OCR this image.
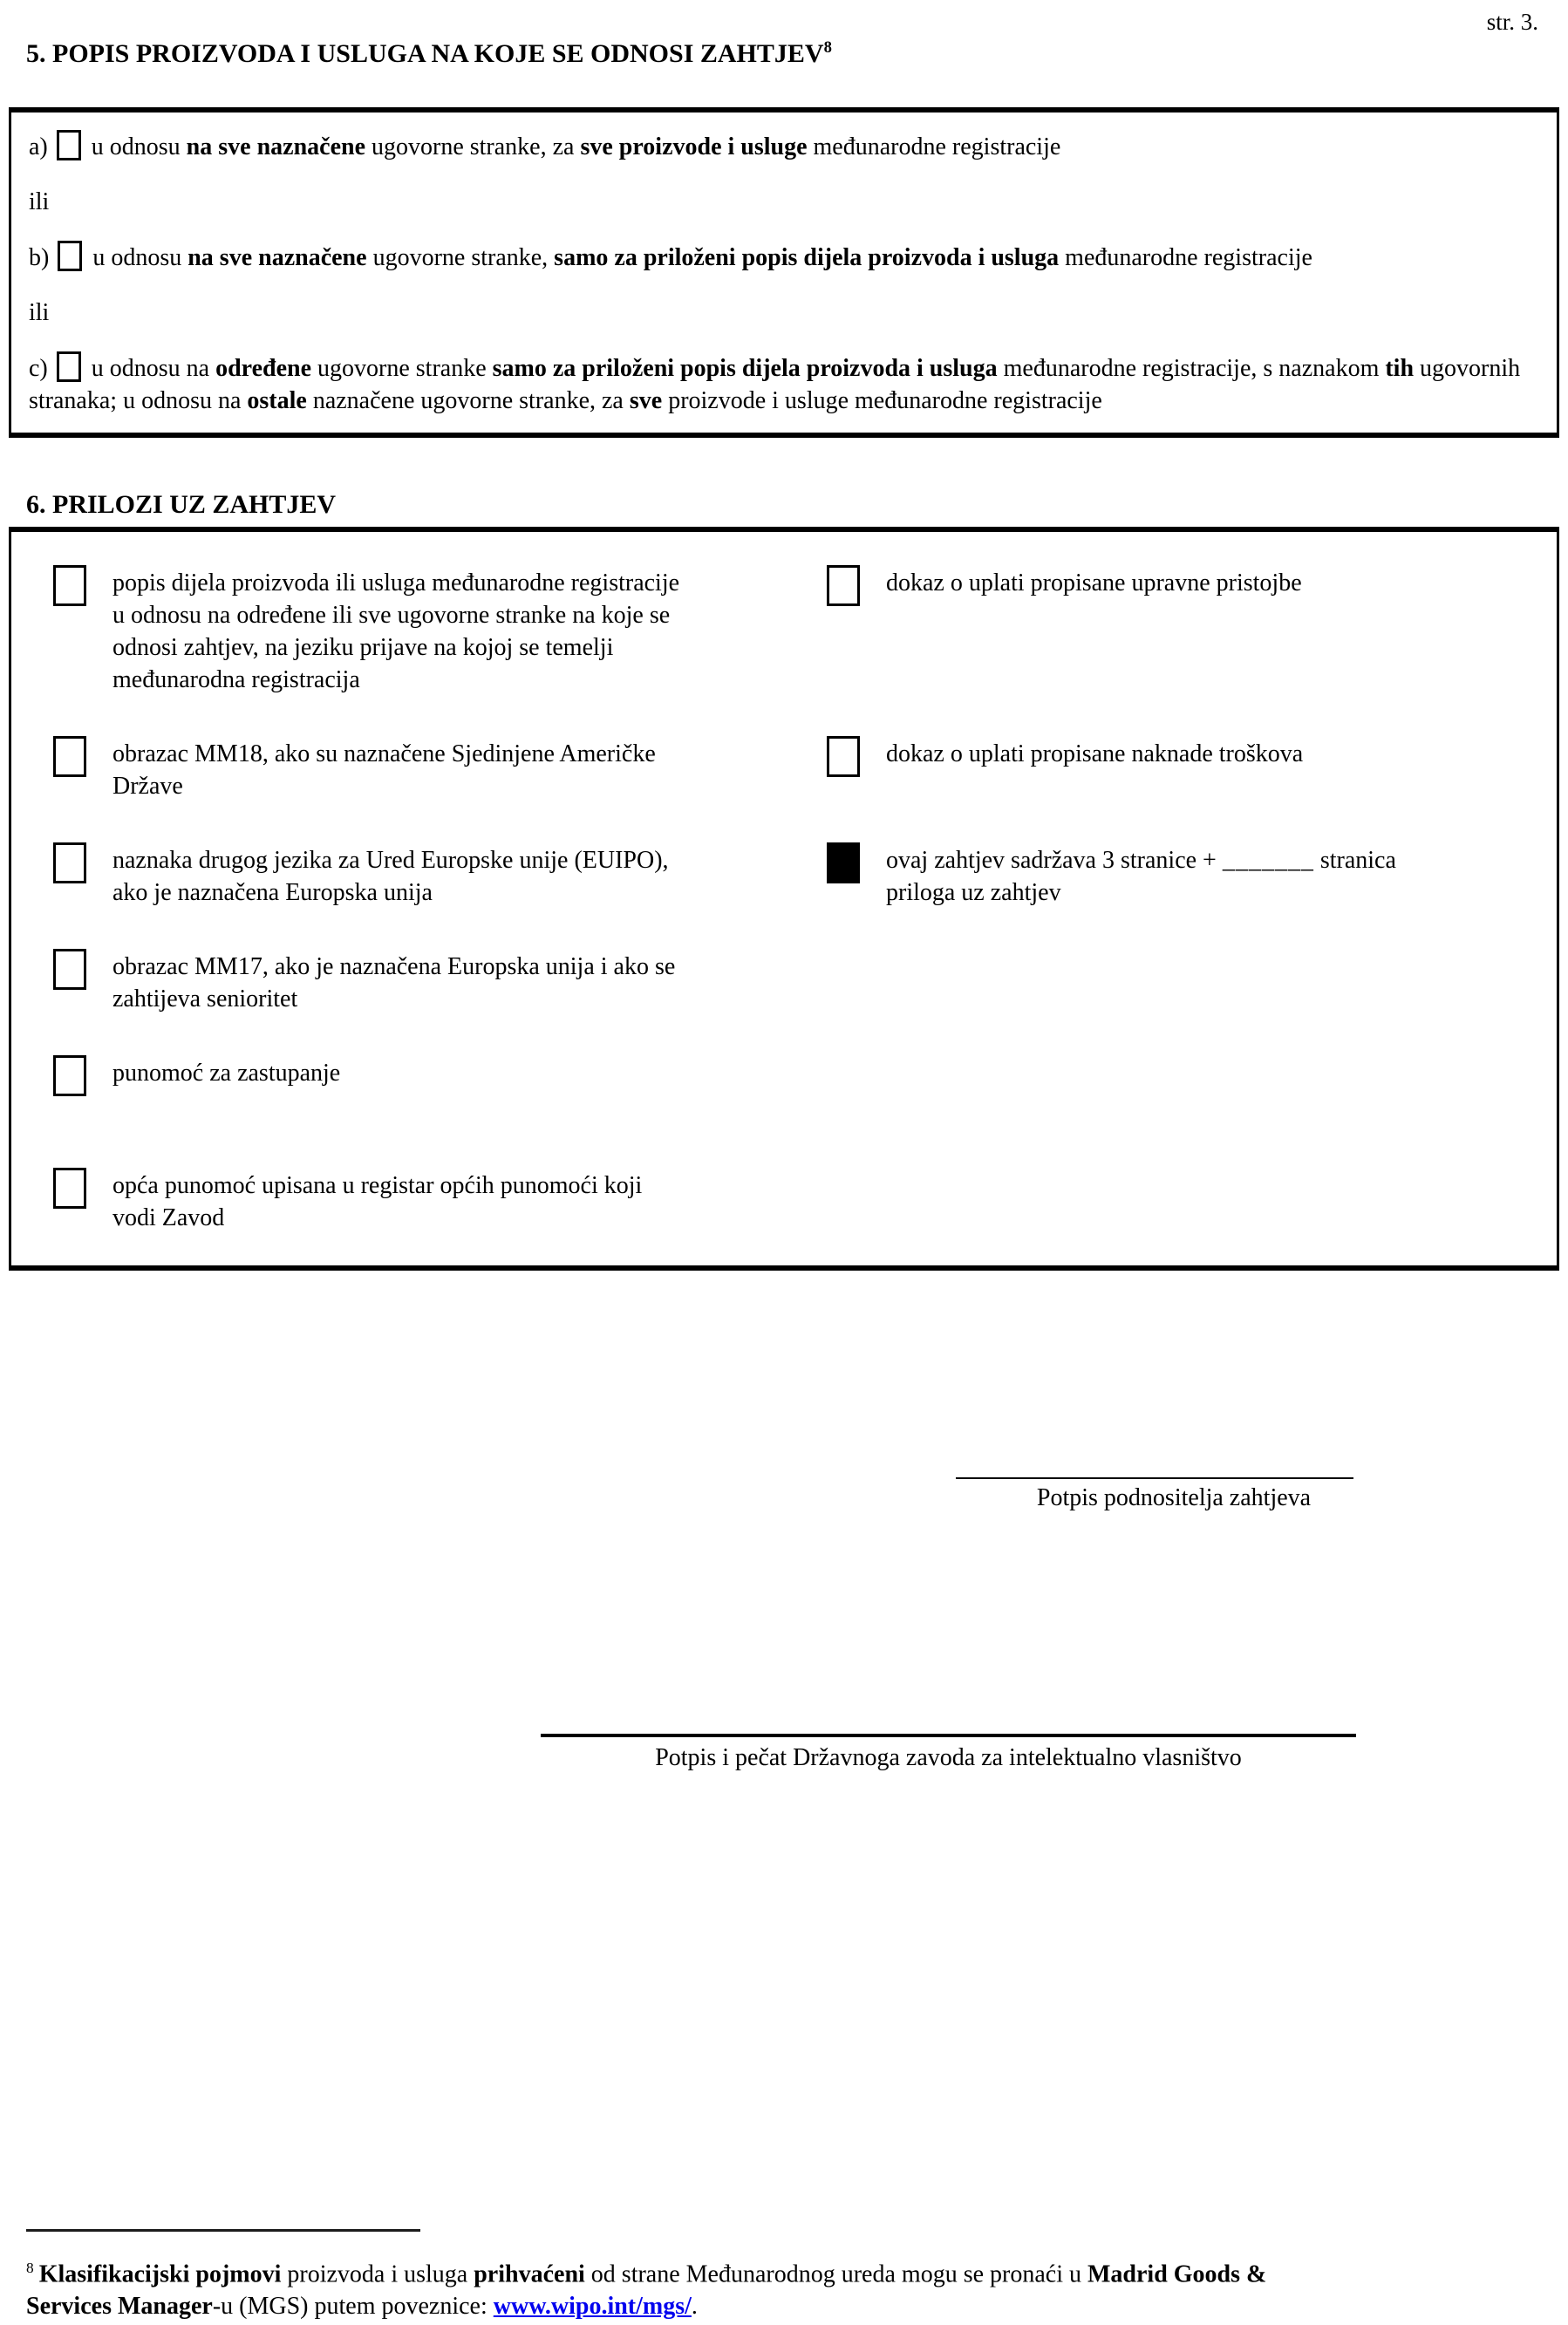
str. 3.
5. POPIS PROIZVODA I USLUGA NA KOJE SE ODNOSI ZAHTJEV$^8$

a) u odnosu na sve naznačene ugovorne stranke, za sve proizvode i usluge međunarodne registracije

ili

b) u odnosu na sve naznačene ugovorne stranke, samo za priloženi popis dijela proizvoda i usluga međunarodne registracije

ili

c) u odnosu na određene ugovorne stranke samo za priloženi popis dijela proizvoda i usluga međunarodne registracije, s naznakom tih ugovornih stranaka; u odnosu na ostale naznačene ugovorne stranke, za sve proizvode i usluge međunarodne registracije

6. PRILOZI UZ ZAHTJEV
popis dijela proizvoda ili usluga međunarodne registracije u odnosu na određene ili sve ugovorne stranke na koje se odnosi zahtjev, na jeziku prijave na kojoj se temelji međunarodna registracija
dokaz o uplati propisane upravne pristojbe
obrazac MM18, ako su naznačene Sjedinjene Američke Države
dokaz o uplati propisane naknade troškova
naznaka drugog jezika za Ured Europske unije (EUIPO), ako je naznačena Europska unija
ovaj zahtjev sadržava 3 stranice + _______ stranica priloga uz zahtjev
obrazac MM17, ako je naznačena Europska unija i ako se zahtijeva senioritet
punomoć za zastupanje
opća punomoć upisana u registar općih punomoći koji vodi Zavod
Potpis podnositelja zahtjeva
Potpis i pečat Državnoga zavoda za intelektualno vlasništvo
$^8$ Klasifikacijski pojmovi proizvoda i usluga prihvaćeni od strane Međunarodnog ureda mogu se pronaći u Madrid Goods & Services Manager-u (MGS) putem poveznice: www.wipo.int/mgs/.
